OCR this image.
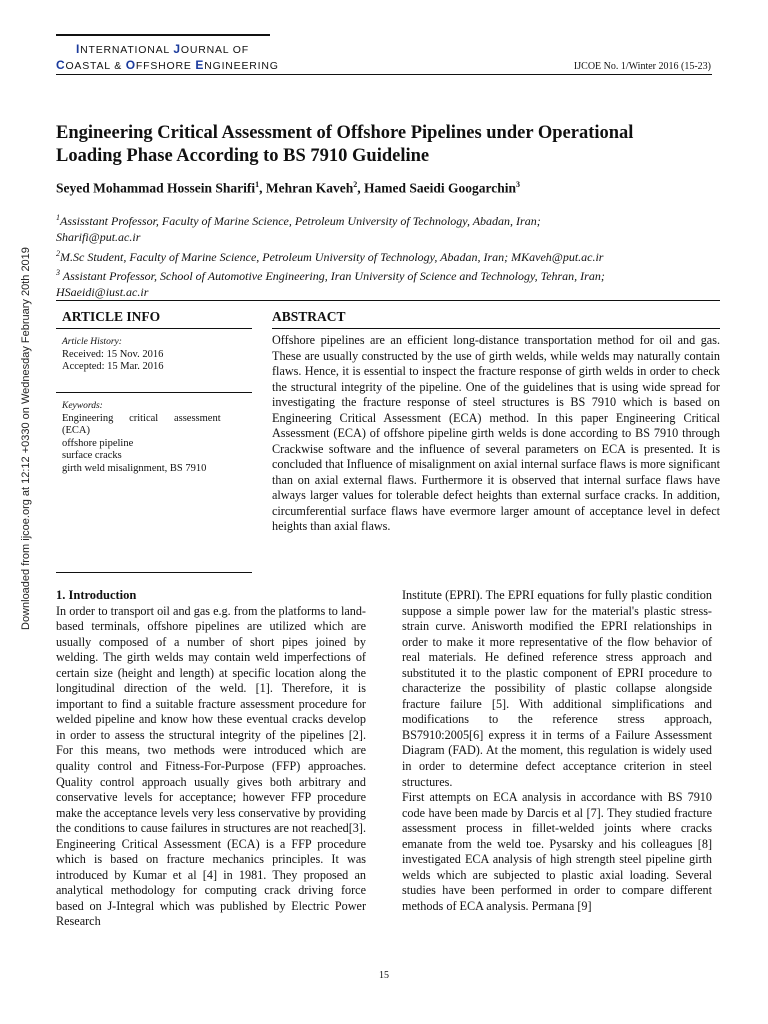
Downloaded from ijcoe.org at 12:12 +0330 on Wednesday February 20th 2019
INTERNATIONAL JOURNAL OF
COASTAL & OFFSHORE ENGINEERING	IJCOE No. 1/Winter 2016 (15-23)
Engineering Critical Assessment of Offshore Pipelines under Operational
Loading Phase According to BS 7910 Guideline
Seyed Mohammad Hossein Sharifi$^1$, Mehran Kaveh$^2$, Hamed Saeidi Googarchin$^3$
$^1$Assisstant Professor, Faculty of Marine Science, Petroleum University of Technology, Abadan, Iran;
Sharifi@put.ac.ir
$^2$M.Sc Student, Faculty of Marine Science, Petroleum University of Technology, Abadan, Iran; MKaveh@put.ac.ir
$^3$ Assistant Professor, School of Automotive Engineering, Iran University of Science and Technology, Tehran, Iran;
HSaeidi@iust.ac.ir
ARTICLE INFO
Article History:
Received: 15 Nov. 2016
Accepted: 15 Mar. 2016
Keywords:
Engineering      critical      assessment
(ECA)
offshore pipeline
surface cracks
girth weld misalignment, BS 7910
ABSTRACT
Offshore pipelines are an efficient long-distance transportation method for oil and gas. These are usually constructed by the use of girth welds, while welds may naturally contain flaws. Hence, it is essential to inspect the fracture response of girth welds in order to check the structural integrity of the pipeline. One of the guidelines that is using wide spread for investigating the fracture response of steel structures is BS 7910 which is based on Engineering Critical Assessment (ECA) method. In this paper Engineering Critical Assessment (ECA) of offshore pipeline girth welds is done according to BS 7910 through Crackwise software and the influence of several parameters on ECA is presented. It is concluded that Influence of misalignment on axial internal surface flaws is more significant than on axial external flaws. Furthermore it is observed that internal surface flaws have always larger values for tolerable defect heights than external surface cracks. In addition, circumferential surface flaws have evermore larger amount of acceptance level in defect heights than axial flaws.
1. Introduction

In order to transport oil and gas e.g. from the platforms to land-based terminals, offshore pipelines are utilized which are usually composed of a number of short pipes joined by welding. The girth welds may contain weld imperfections of certain size (height and length) at specific location along the longitudinal direction of the weld. [1]. Therefore, it is important to find a suitable fracture assessment procedure for welded pipeline and know how these eventual cracks develop in order to assess the structural integrity of the pipelines [2]. For this means, two methods were introduced which are quality control and Fitness-For-Purpose (FFP) approaches. Quality control approach usually gives both arbitrary and conservative levels for acceptance; however FFP procedure make the acceptance levels very less conservative by providing the conditions to cause failures in structures are not reached[3]. Engineering Critical Assessment (ECA) is a FFP procedure which is based on fracture mechanics principles. It was introduced by Kumar et al [4] in 1981. They proposed an analytical methodology for computing crack driving force based on J-Integral which was published by Electric Power Research

Institute (EPRI). The EPRI equations for fully plastic condition suppose a simple power law for the material's plastic stress-strain curve. Anisworth modified the EPRI relationships in order to make it more representative of the flow behavior of real materials. He defined reference stress approach and substituted it to the plastic component of EPRI procedure to characterize the possibility of plastic collapse alongside fracture failure [5]. With additional simplifications and modifications to the reference stress approach, BS7910:2005[6] express it in terms of a Failure Assessment Diagram (FAD). At the moment, this regulation is widely used in order to determine defect acceptance criterion in steel structures.

First attempts on ECA analysis in accordance with BS 7910 code have been made by Darcis et al [7]. They studied fracture assessment process in fillet-welded joints where cracks emanate from the weld toe. Pysarsky and his colleagues [8] investigated ECA analysis of high strength steel pipeline girth welds which are subjected to plastic axial loading. Several studies have been performed in order to compare different methods of ECA analysis. Permana [9]

15
